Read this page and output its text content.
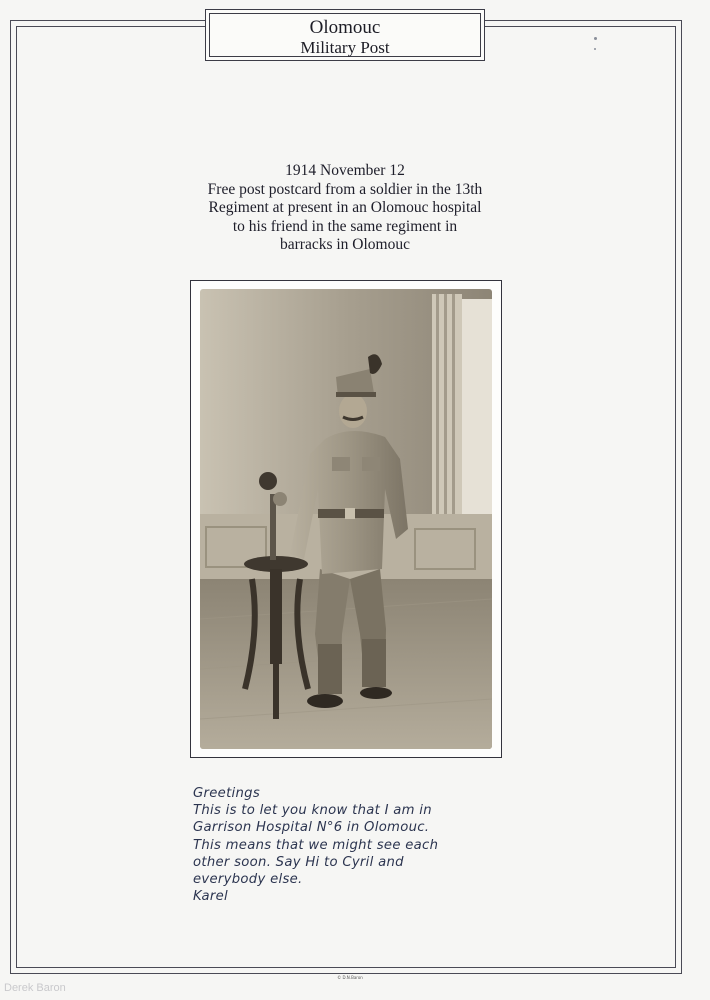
Olomouc
Military Post
1914 November 12
Free post postcard from a soldier in the 13th
Regiment at present in an Olomouc hospital
to his friend in the same regiment in
barracks in Olomouc
Greetings
This is to let you know that I am in
Garrison Hospital N°6 in Olomouc.
This means that we might see each
other soon. Say Hi to Cyril and
everybody else.
Karel
© D.N.Baron
Derek Baron
